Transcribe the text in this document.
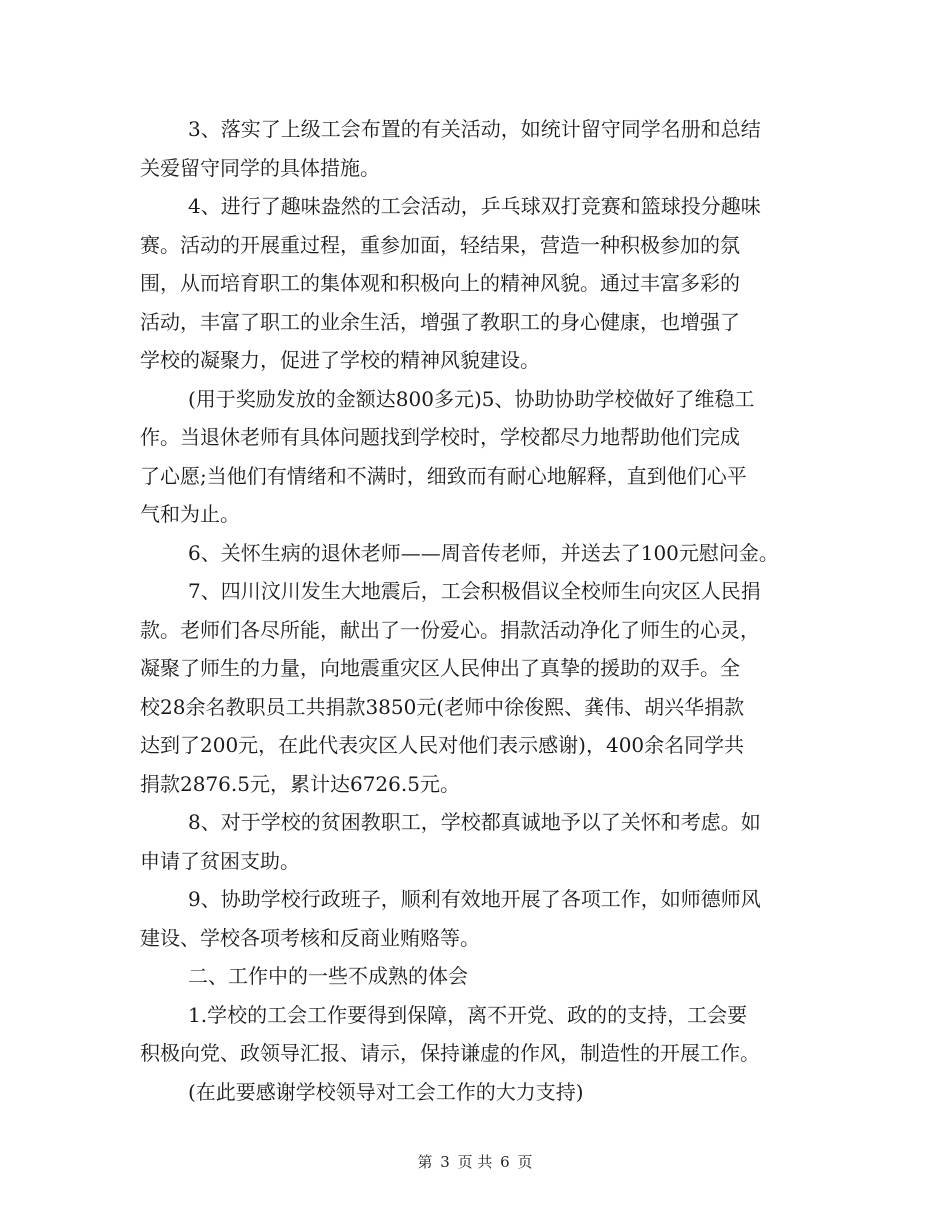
3、落实了上级工会布置的有关活动，如统计留守同学名册和总结
关爱留守同学的具体措施。
4、进行了趣味盎然的工会活动，乒乓球双打竞赛和篮球投分趣味
赛。活动的开展重过程，重参加面，轻结果，营造一种积极参加的氛
围，从而培育职工的集体观和积极向上的精神风貌。通过丰富多彩的
活动，丰富了职工的业余生活，增强了教职工的身心健康，也增强了
学校的凝聚力，促进了学校的精神风貌建设。
(用于奖励发放的金额达800多元)5、协助协助学校做好了维稳工
作。当退休老师有具体问题找到学校时，学校都尽力地帮助他们完成
了心愿;当他们有情绪和不满时，细致而有耐心地解释，直到他们心平
气和为止。
6、关怀生病的退休老师——周音传老师，并送去了100元慰问金。
7、四川汶川发生大地震后，工会积极倡议全校师生向灾区人民捐
款。老师们各尽所能，献出了一份爱心。捐款活动净化了师生的心灵，
凝聚了师生的力量，向地震重灾区人民伸出了真挚的援助的双手。全
校28余名教职员工共捐款3850元(老师中徐俊熙、龚伟、胡兴华捐款
达到了200元，在此代表灾区人民对他们表示感谢)，400余名同学共
捐款2876.5元，累计达6726.5元。
8、对于学校的贫困教职工，学校都真诚地予以了关怀和考虑。如
申请了贫困支助。
9、协助学校行政班子，顺利有效地开展了各项工作，如师德师风
建设、学校各项考核和反商业贿赂等。
二、工作中的一些不成熟的体会
1.学校的工会工作要得到保障，离不开党、政的的支持，工会要
积极向党、政领导汇报、请示，保持谦虚的作风，制造性的开展工作。
(在此要感谢学校领导对工会工作的大力支持)
第 3 页 共 6 页
